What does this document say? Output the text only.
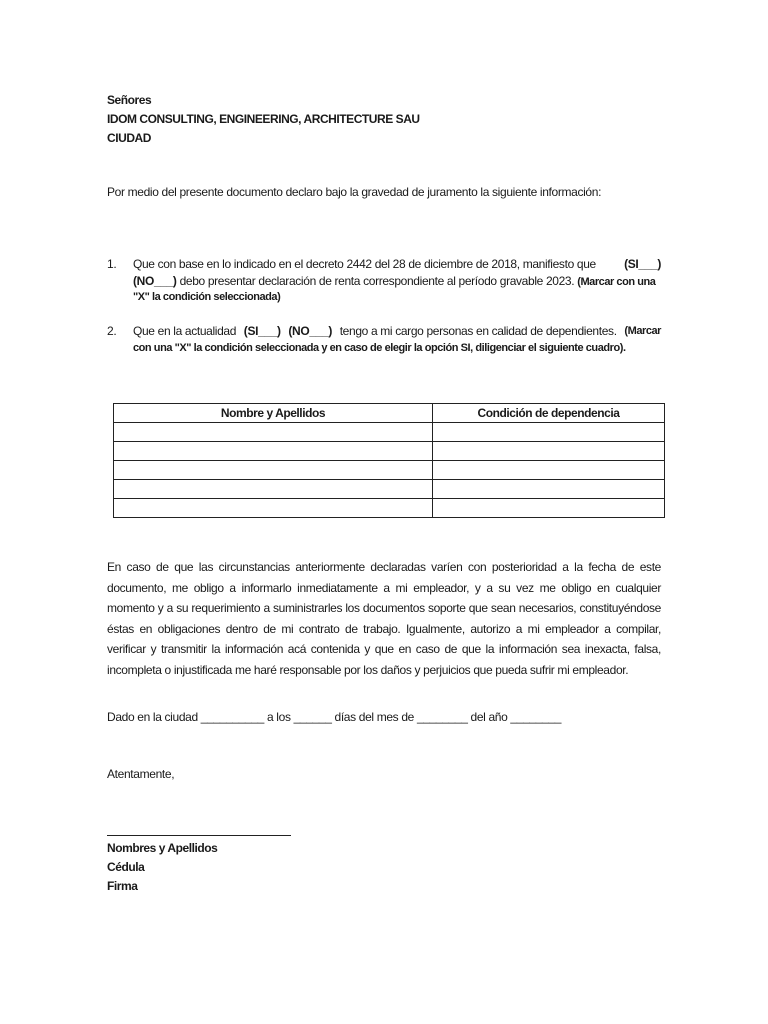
Señores
IDOM CONSULTING, ENGINEERING, ARCHITECTURE SAU
CIUDAD
Por medio del presente documento declaro bajo la gravedad de juramento la siguiente información:
1. Que con base en lo indicado en el decreto 2442 del 28 de diciembre de 2018, manifiesto que (SI___)
(NO___) debo presentar declaración de renta correspondiente al período gravable 2023. (Marcar con una
"X" la condición seleccionada)
2. Que en la actualidad (SI___) (NO___) tengo a mi cargo personas en calidad de dependientes. (Marcar
con una "X" la condición seleccionada y en caso de elegir la opción SI, diligenciar el siguiente cuadro).
Nombre y Apellidos	Condición de dependencia

En caso de que las circunstancias anteriormente declaradas varíen con posterioridad a la fecha de este
documento, me obligo a informarlo inmediatamente a mi empleador, y a su vez me obligo en cualquier
momento y a su requerimiento a suministrarles los documentos soporte que sean necesarios, constituyéndose
éstas en obligaciones dentro de mi contrato de trabajo. Igualmente, autorizo a mi empleador a compilar,
verificar y transmitir la información acá contenida y que en caso de que la información sea inexacta, falsa,
incompleta o injustificada me haré responsable por los daños y perjuicios que pueda sufrir mi empleador.
Dado en la ciudad __________ a los ______ días del mes de ________ del año ________
Atentamente,
Nombres y Apellidos
Cédula
Firma
